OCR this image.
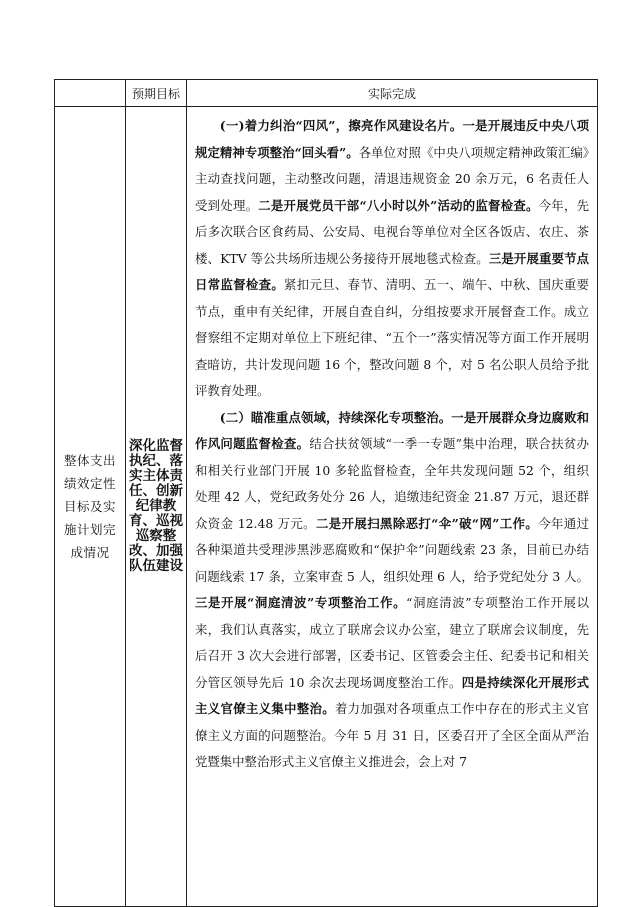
	预期目标	实际完成
整体支出绩效定性目标及实施计划完成情况	深化监督执纪、落实主体责任、创新纪律教育、巡视巡察整改、加强队伍建设	(一)着力纠治“四风”，擦亮作风建设名片。一是开展违反中央八项规定精神专项整治“回头看”。各单位对照《中央八项规定精神政策汇编》主动查找问题，主动整改问题，清退违规资金 20 余万元，6 名责任人受到处理。二是开展党员干部“八小时以外”活动的监督检查。今年，先后多次联合区食药局、公安局、电视台等单位对全区各饭店、农庄、茶楼、KTV 等公共场所违规公务接待开展地毯式检查。三是开展重要节点日常监督检查。紧扣元旦、春节、清明、五一、端午、中秋、国庆重要节点，重申有关纪律，开展自查自纠，分组按要求开展督查工作。成立督察组不定期对单位上下班纪律、“五个一”落实情况等方面工作开展明查暗访，共计发现问题 16 个，整改问题 8 个，对 5 名公职人员给予批评教育处理。

(二）瞄准重点领域，持续深化专项整治。一是开展群众身边腐败和作风问题监督检查。结合扶贫领域“一季一专题”集中治理，联合扶贫办和相关行业部门开展 10 多轮监督检查，全年共发现问题 52 个，组织处理 42 人，党纪政务处分 26 人，追缴违纪资金 21.87 万元，退还群众资金 12.48 万元。二是开展扫黑除恶打“伞”破“网”工作。今年通过各种渠道共受理涉黑涉恶腐败和“保护伞”问题线索 23 条，目前已办结问题线索 17 条，立案审查 5 人，组织处理 6 人，给予党纪处分 3 人。三是开展“洞庭清波”专项整治工作。“洞庭清波”专项整治工作开展以来，我们认真落实，成立了联席会议办公室，建立了联席会议制度，先后召开 3 次大会进行部署，区委书记、区管委会主任、纪委书记和相关分管区领导先后 10 余次去现场调度整治工作。四是持续深化开展形式主义官僚主义集中整治。着力加强对各项重点工作中存在的形式主义官僚主义方面的问题整治。今年 5 月 31 日，区委召开了全区全面从严治党暨集中整治形式主义官僚主义推进会，会上对 7
